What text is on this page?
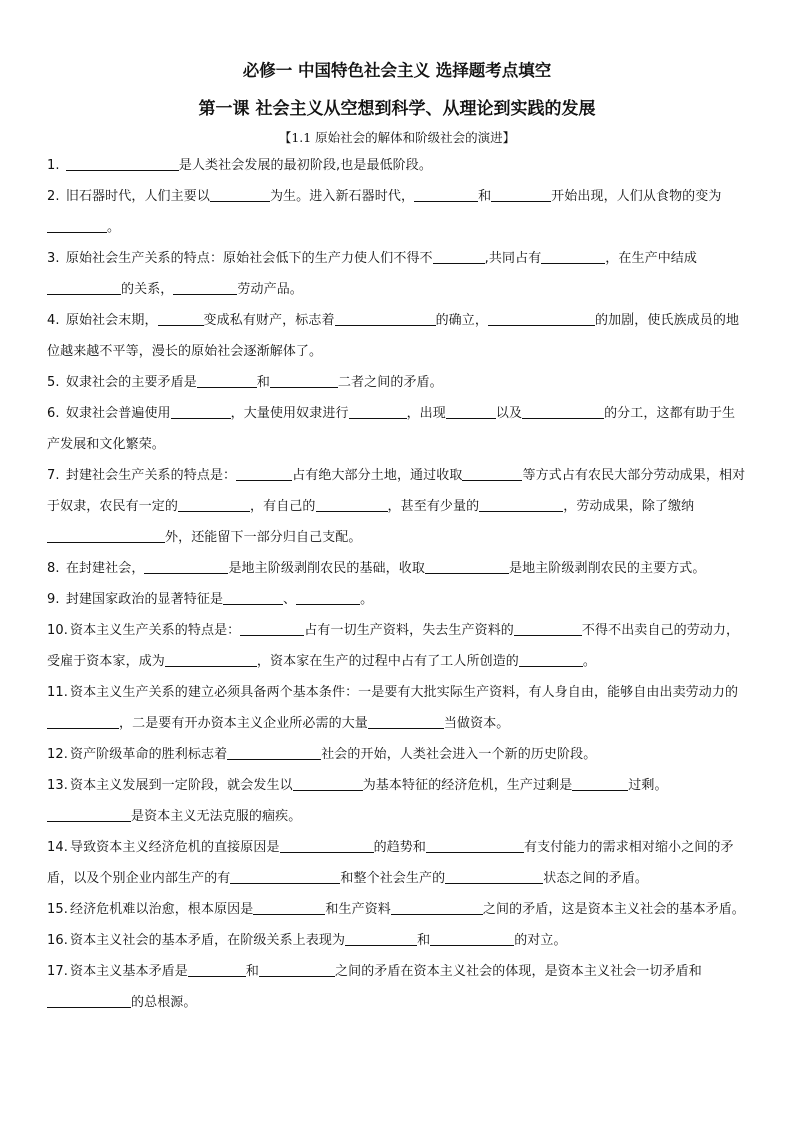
必修一 中国特色社会主义 选择题考点填空
第一课 社会主义从空想到科学、从理论到实践的发展
【1.1 原始社会的解体和阶级社会的演进】

1.	是人类社会发展的最初阶段,也是最低阶段。

2. 旧石器时代，人们主要以	为生。进入新石器时代，	和	开始出现，人们从食物的变为。

3. 原始社会生产关系的特点：原始社会低下的生产力使人们不得不	,共同占有	，在生产中结成的关系，	劳动产品。

4. 原始社会末期，	变成私有财产，标志着	的确立，	的加剧，使氏族成员的地位越来越不平等，漫长的原始社会逐渐解体了。

5. 奴隶社会的主要矛盾是	和	二者之间的矛盾。

6. 奴隶社会普遍使用	，大量使用奴隶进行	，出现	以及	的分工，这都有助于生产发展和文化繁荣。

7. 封建社会生产关系的特点是：	占有绝大部分土地，通过收取	等方式占有农民大部分劳动成果，相对于奴隶，农民有一定的	，有自己的	，甚至有少量的	，劳动成果，除了缴纳外，还能留下一部分归自己支配。

8. 在封建社会，	是地主阶级剥削农民的基础，收取	是地主阶级剥削农民的主要方式。

9. 封建国家政治的显著特征是	、	。

10. 资本主义生产关系的特点是：	占有一切生产资料，失去生产资料的	不得不出卖自己的劳动力，受雇于资本家，成为	，资本家在生产的过程中占有了工人所创造的	。

11. 资本主义生产关系的建立必须具备两个基本条件：一是要有大批实际生产资料，有人身自由，能够自由出卖劳动力的，二是要有开办资本主义企业所必需的大量	当做资本。

12. 资产阶级革命的胜利标志着	社会的开始，人类社会进入一个新的历史阶段。

13. 资本主义发展到一定阶段，就会发生以	为基本特征的经济危机，生产过剩是	过剩。是资本主义无法克服的痼疾。

14. 导致资本主义经济危机的直接原因是	的趋势和	有支付能力的需求相对缩小之间的矛盾，以及个别企业内部生产的有	和整个社会生产的	状态之间的矛盾。

15. 经济危机难以治愈，根本原因是	和生产资料	之间的矛盾，这是资本主义社会的基本矛盾。

16. 资本主义社会的基本矛盾，在阶级关系上表现为	和	的对立。

17. 资本主义基本矛盾是	和	之间的矛盾在资本主义社会的体现，是资本主义社会一切矛盾和的总根源。
